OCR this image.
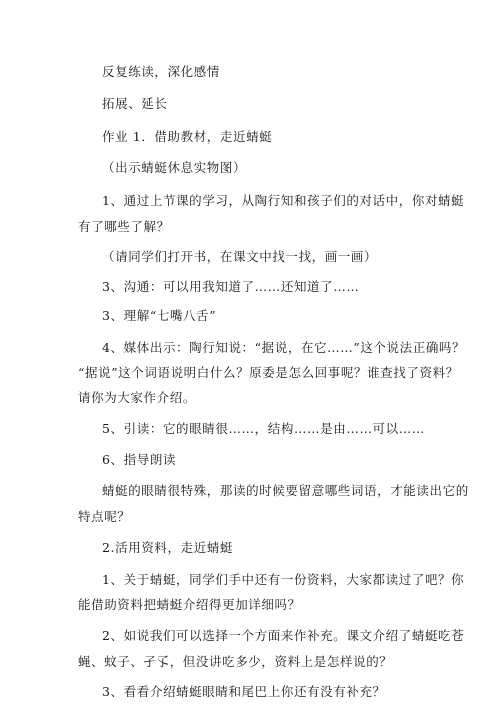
反复练读，深化感情
拓展、延长
作业 1．借助教材，走近蜻蜓
（出示蜻蜓休息实物图）
1、通过上节课的学习，从陶行知和孩子们的对话中，你对蜻蜓
有了哪些了解？
（请同学们打开书，在课文中找一找，画一画）
3、沟通：可以用我知道了……还知道了……
3、理解“七嘴八舌”
4、媒体出示：陶行知说：“据说，在它……”这个说法正确吗？
“据说”这个词语说明白什么？原委是怎么回事呢？谁查找了资料？
请你为大家作介绍。
5、引读：它的眼睛很……，结构……是由……可以……
6、指导朗读
蜻蜓的眼睛很特殊，那读的时候要留意哪些词语，才能读出它的
特点呢？
2.活用资料，走近蜻蜓
1、关于蜻蜓，同学们手中还有一份资料，大家都读过了吧？你
能借助资料把蜻蜓介绍得更加详细吗？
2、如说我们可以选择一个方面来作补充。课文介绍了蜻蜓吃苍
蝇、蚊子、孑孓，但没讲吃多少，资料上是怎样说的？
3、看看介绍蜻蜓眼睛和尾巴上你还有没有补充？
